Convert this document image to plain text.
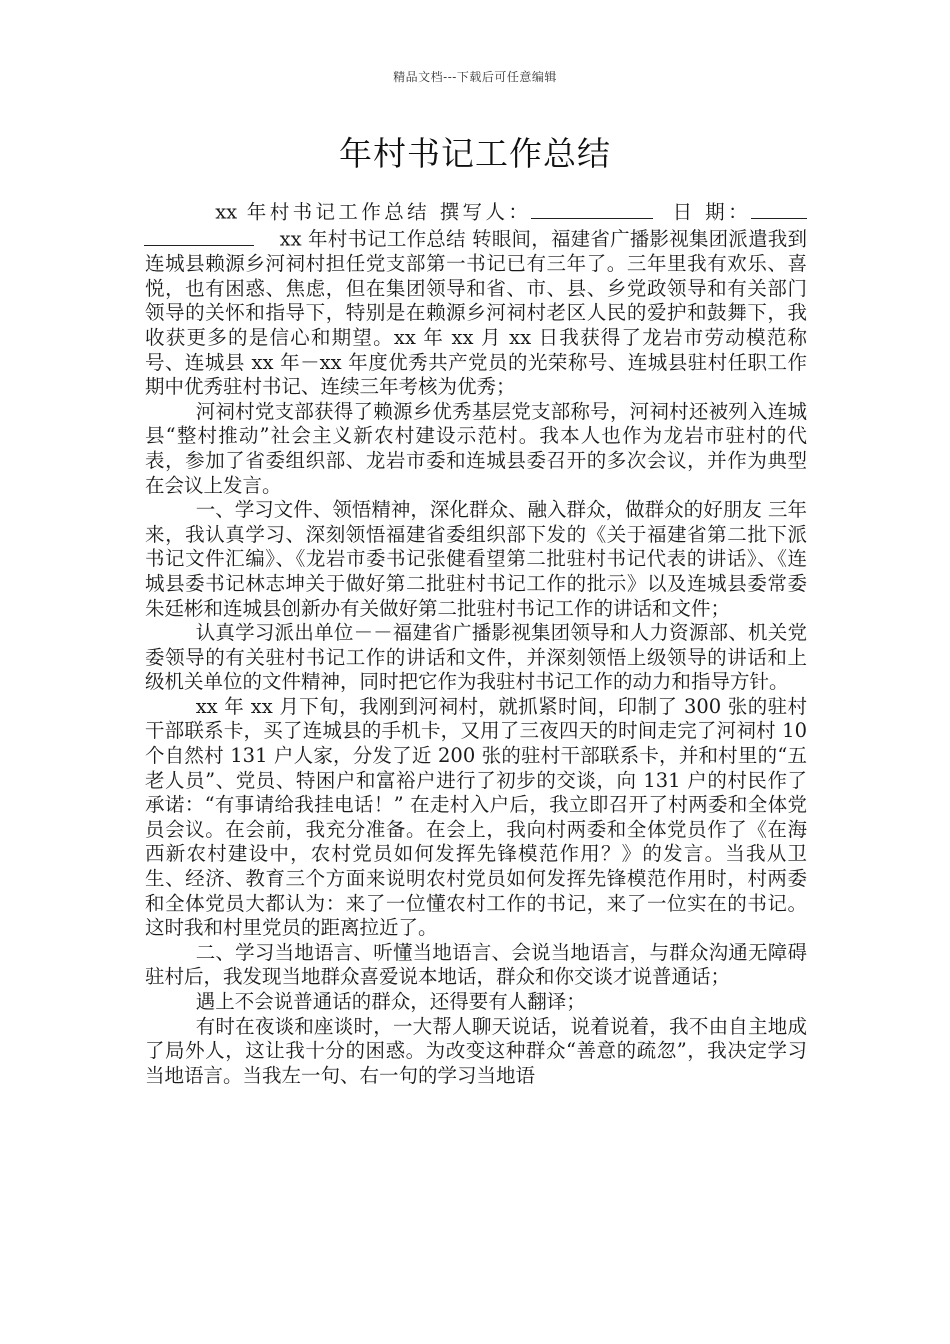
精品文档---下载后可任意编辑
年村书记工作总结

xx 年村书记工作总结 撰写人：	日 期：    xx 年村书记工作总结 转眼间，福建省广播影视集团派遣我到连城县赖源乡河祠村担任党支部第一书记已有三年了。三年里我有欢乐、喜悦，也有困惑、焦虑，但在集团领导和省、市、县、乡党政领导和有关部门领导的关怀和指导下，特别是在赖源乡河祠村老区人民的爱护和鼓舞下，我收获更多的是信心和期望。xx 年 xx 月 xx 日我获得了龙岩市劳动模范称号、连城县 xx 年－xx 年度优秀共产党员的光荣称号、连城县驻村任职工作期中优秀驻村书记、连续三年考核为优秀；

河祠村党支部获得了赖源乡优秀基层党支部称号，河祠村还被列入连城县“整村推动”社会主义新农村建设示范村。我本人也作为龙岩市驻村的代表，参加了省委组织部、龙岩市委和连城县委召开的多次会议，并作为典型在会议上发言。

一、学习文件、领悟精神，深化群众、融入群众，做群众的好朋友 三年来，我认真学习、深刻领悟福建省委组织部下发的《关于福建省第二批下派书记文件汇编》、《龙岩市委书记张健看望第二批驻村书记代表的讲话》、《连城县委书记林志坤关于做好第二批驻村书记工作的批示》以及连城县委常委朱廷彬和连城县创新办有关做好第二批驻村书记工作的讲话和文件；

认真学习派出单位－－福建省广播影视集团领导和人力资源部、机关党委领导的有关驻村书记工作的讲话和文件，并深刻领悟上级领导的讲话和上级机关单位的文件精神，同时把它作为我驻村书记工作的动力和指导方针。

xx 年 xx 月下旬，我刚到河祠村，就抓紧时间，印制了 300 张的驻村干部联系卡，买了连城县的手机卡，又用了三夜四天的时间走完了河祠村 10 个自然村 131 户人家，分发了近 200 张的驻村干部联系卡，并和村里的“五老人员”、党员、特困户和富裕户进行了初步的交谈，向 131 户的村民作了承诺：“有事请给我挂电话！” 在走村入户后，我立即召开了村两委和全体党员会议。在会前，我充分准备。在会上，我向村两委和全体党员作了《在海西新农村建设中，农村党员如何发挥先锋模范作用？》的发言。当我从卫生、经济、教育三个方面来说明农村党员如何发挥先锋模范作用时，村两委和全体党员大都认为：来了一位懂农村工作的书记，来了一位实在的书记。这时我和村里党员的距离拉近了。

二、学习当地语言、听懂当地语言、会说当地语言，与群众沟通无障碍 驻村后，我发现当地群众喜爱说本地话，群众和你交谈才说普通话；

遇上不会说普通话的群众，还得要有人翻译；

有时在夜谈和座谈时，一大帮人聊天说话，说着说着，我不由自主地成了局外人，这让我十分的困惑。为改变这种群众“善意的疏忽”，我决定学习当地语言。当我左一句、右一句的学习当地语
